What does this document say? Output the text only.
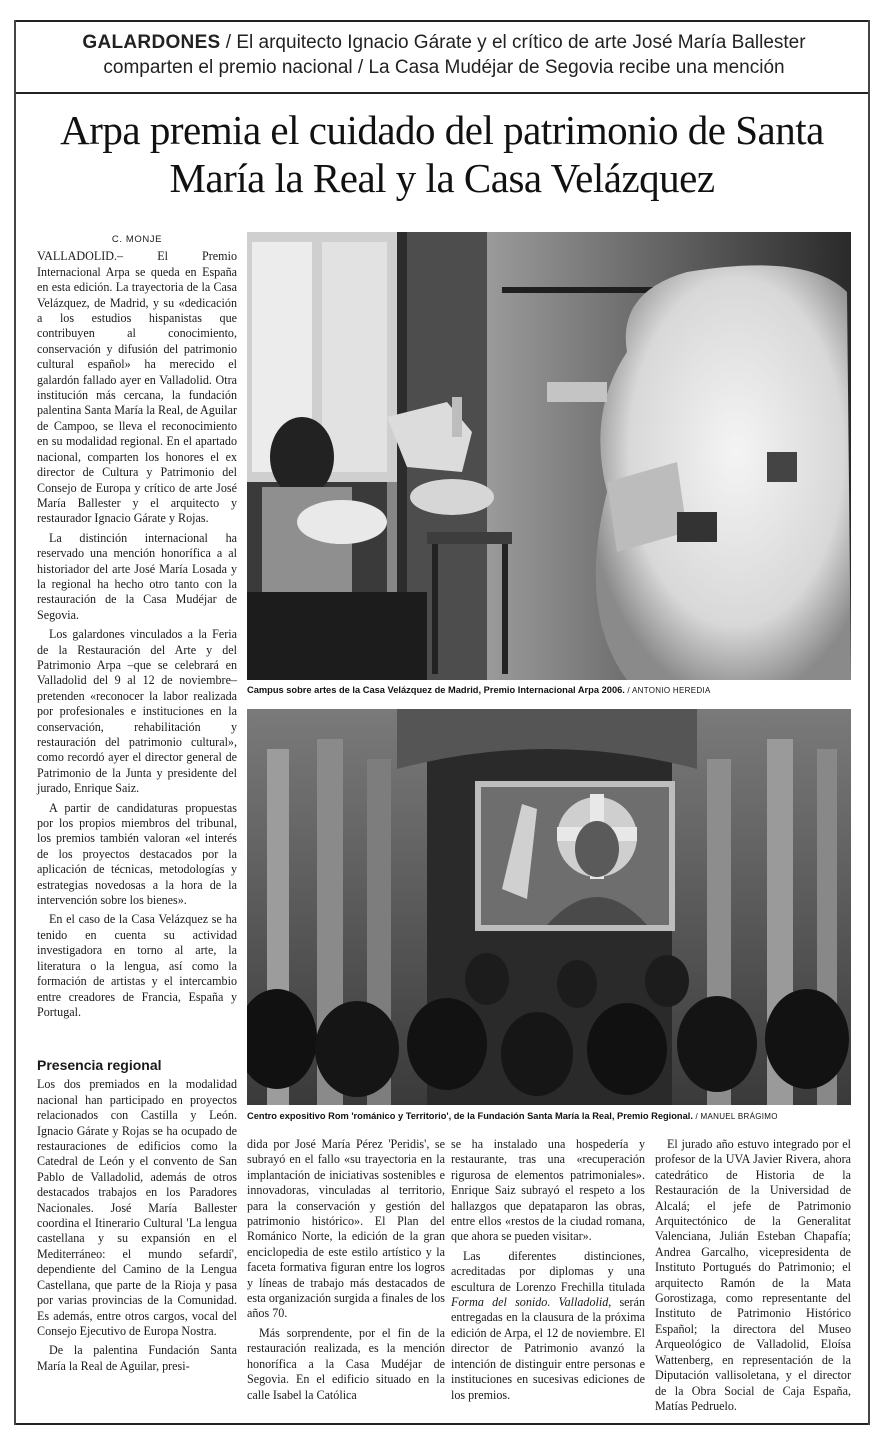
GALARDONES / El arquitecto Ignacio Gárate y el crítico de arte José María Ballester comparten el premio nacional / La Casa Mudéjar de Segovia recibe una mención
Arpa premia el cuidado del patrimonio de Santa María la Real y la Casa Velázquez
C. MONJE

VALLADOLID.– El Premio Internacional Arpa se queda en España en esta edición. La trayectoria de la Casa Velázquez, de Madrid, y su «dedicación a los estudios hispanistas que contribuyen al conocimiento, conservación y difusión del patrimonio cultural español» ha merecido el galardón fallado ayer en Valladolid. Otra institución más cercana, la fundación palentina Santa María la Real, de Aguilar de Campoo, se lleva el reconocimiento en su modalidad regional. En el apartado nacional, comparten los honores el ex director de Cultura y Patrimonio del Consejo de Europa y crítico de arte José María Ballester y el arquitecto y restaurador Ignacio Gárate y Rojas.

La distinción internacional ha reservado una mención honorífica a al historiador del arte José María Losada y la regional ha hecho otro tanto con la restauración de la Casa Mudéjar de Segovia.

Los galardones vinculados a la Feria de la Restauración del Arte y del Patrimonio Arpa –que se celebrará en Valladolid del 9 al 12 de noviembre– pretenden «reconocer la labor realizada por profesionales e instituciones en la conservación, rehabilitación y restauración del patrimonio cultural», como recordó ayer el director general de Patrimonio de la Junta y presidente del jurado, Enrique Saiz.

A partir de candidaturas propuestas por los propios miembros del tribunal, los premios también valoran «el interés de los proyectos destacados por la aplicación de técnicas, metodologías y estrategias novedosas a la hora de la intervención sobre los bienes».

En el caso de la Casa Velázquez se ha tenido en cuenta su actividad investigadora en torno al arte, la literatura o la lengua, así como la formación de artistas y el intercambio entre creadores de Francia, España y Portugal.

Presencia regional

Los dos premiados en la modalidad nacional han participado en proyectos relacionados con Castilla y León. Ignacio Gárate y Rojas se ha ocupado de restauraciones de edificios como la Catedral de León y el convento de San Pablo de Valladolid, además de otros destacados trabajos en los Paradores Nacionales. José María Ballester coordina el Itinerario Cultural 'La lengua castellana y su expansión en el Mediterráneo: el mundo sefardí', dependiente del Camino de la Lengua Castellana, que parte de la Rioja y pasa por varias provincias de la Comunidad. Es además, entre otros cargos, vocal del Consejo Ejecutivo de Europa Nostra.

De la palentina Fundación Santa María la Real de Aguilar, presi-

Campus sobre artes de la Casa Velázquez de Madrid, Premio Internacional Arpa 2006. / ANTONIO HEREDIA
Centro expositivo Rom 'románico y Territorio', de la Fundación Santa María la Real, Premio Regional. / MANUEL BRÁGIMO

dida por José María Pérez 'Peridis', se subrayó en el fallo «su trayectoria en la implantación de iniciativas sostenibles e innovadoras, vinculadas al territorio, para la conservación y gestión del patrimonio histórico». El Plan del Románico Norte, la edición de la gran enciclopedia de este estilo artístico y la faceta formativa figuran entre los logros y líneas de trabajo más destacados de esta organización surgida a finales de los años 70.

Más sorprendente, por el fin de la restauración realizada, es la mención honorífica a la Casa Mudéjar de Segovia. En el edificio situado en la calle Isabel la Católica

se ha instalado una hospedería y restaurante, tras una «recuperación rigurosa de elementos patrimoniales». Enrique Saiz subrayó el respeto a los hallazgos que depataparon las obras, entre ellos «restos de la ciudad romana, que ahora se pueden visitar».

Las diferentes distinciones, acreditadas por diplomas y una escultura de Lorenzo Frechilla titulada Forma del sonido. Valladolid, serán entregadas en la clausura de la próxima edición de Arpa, el 12 de noviembre. El director de Patrimonio avanzó la intención de distinguir entre personas e instituciones en sucesivas ediciones de los premios.

El jurado año estuvo integrado por el profesor de la UVA Javier Rivera, ahora catedrático de Historia de la Restauración de la Universidad de Alcalá; el jefe de Patrimonio Arquitectónico de la Generalitat Valenciana, Julián Esteban Chapafía; Andrea Garcalho, vicepresidenta de Instituto Portugués do Patrimonio; el arquitecto Ramón de la Mata Gorostizaga, como representante del Instituto de Patrimonio Histórico Español; la directora del Museo Arqueológico de Valladolid, Eloísa Wattenberg, en representación de la Diputación vallisoletana, y el director de la Obra Social de Caja España, Matías Pedruelo.
